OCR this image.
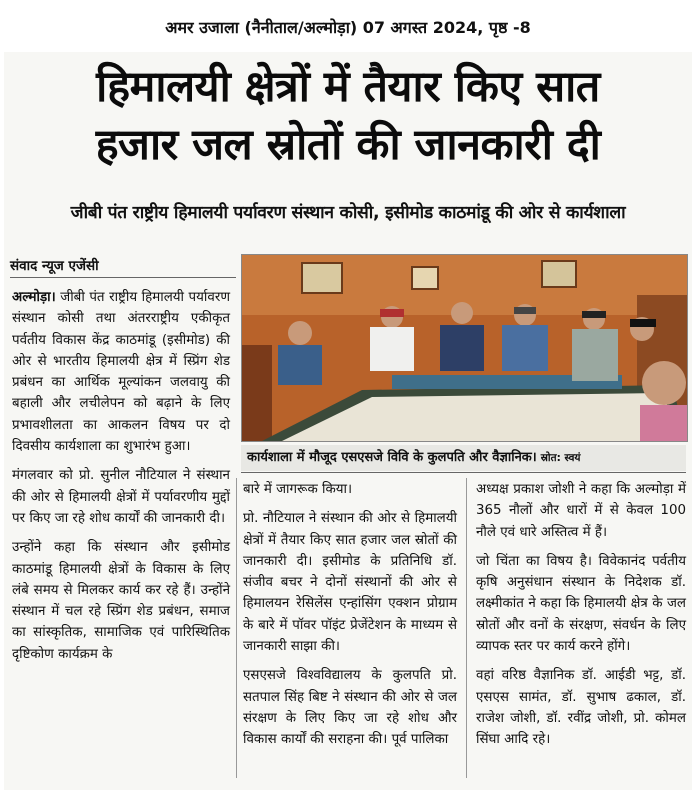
अमर उजाला (नैनीताल/अल्मोड़ा) 07 अगस्त 2024, पृष्ठ -8
हिमालयी क्षेत्रों में तैयार किए सात
हजार जल स्रोतों की जानकारी दी
जीबी पंत राष्ट्रीय हिमालयी पर्यावरण संस्थान कोसी, इसीमोड काठमांडू की ओर से कार्यशाला
संवाद न्यूज एजेंसी
कार्यशाला में मौजूद एसएसजे विवि के कुलपति और वैज्ञानिक। स्रोत: स्वयं

अल्मोड़ा। जीबी पंत राष्ट्रीय हिमालयी पर्यावरण संस्थान कोसी तथा अंतरराष्ट्रीय एकीकृत पर्वतीय विकास केंद्र काठमांडू (इसीमोड) की ओर से भारतीय हिमालयी क्षेत्र में स्प्रिंग शेड प्रबंधन का आर्थिक मूल्यांकन जलवायु की बहाली और लचीलेपन को बढ़ाने के लिए प्रभावशीलता का आकलन विषय पर दो दिवसीय कार्यशाला का शुभारंभ हुआ।

मंगलवार को प्रो. सुनील नौटियाल ने संस्थान की ओर से हिमालयी क्षेत्रों में पर्यावरणीय मुद्दों पर किए जा रहे शोध कार्यों की जानकारी दी।

उन्होंने कहा कि संस्थान और इसीमोड काठमांडू हिमालयी क्षेत्रों के विकास के लिए लंबे समय से मिलकर कार्य कर रहे हैं। उन्होंने संस्थान में चल रहे स्प्रिंग शेड प्रबंधन, समाज का सांस्कृतिक, सामाजिक एवं पारिस्थितिक दृष्टिकोण कार्यक्रम के

बारे में जागरूक किया।

प्रो. नौटियाल ने संस्थान की ओर से हिमालयी क्षेत्रों में तैयार किए सात हजार जल स्रोतों की जानकारी दी। इसीमोड के प्रतिनिधि डॉ. संजीव बचर ने दोनों संस्थानों की ओर से हिमालयन रेसिलेंस एन्हांसिंग एक्शन प्रोग्राम के बारे में पॉवर पॉइंट प्रेजेंटेशन के माध्यम से जानकारी साझा की।

एसएसजे विश्वविद्यालय के कुलपति प्रो. सतपाल सिंह बिष्ट ने संस्थान की ओर से जल संरक्षण के लिए किए जा रहे शोध और विकास कार्यों की सराहना की। पूर्व पालिका

अध्यक्ष प्रकाश जोशी ने कहा कि अल्मोड़ा में 365 नौलों और धारों में से केवल 100 नौले एवं धारे अस्तित्व में हैं।

जो चिंता का विषय है। विवेकानंद पर्वतीय कृषि अनुसंधान संस्थान के निदेशक डॉ. लक्ष्मीकांत ने कहा कि हिमालयी क्षेत्र के जल स्रोतों और वनों के संरक्षण, संवर्धन के लिए व्यापक स्तर पर कार्य करने होंगे।

वहां वरिष्ठ वैज्ञानिक डॉ. आईडी भट्ट, डॉ. एसएस सामंत, डॉ. सुभाष ढकाल, डॉ. राजेश जोशी, डॉ. रवींद्र जोशी, प्रो. कोमल सिंघा आदि रहे।
